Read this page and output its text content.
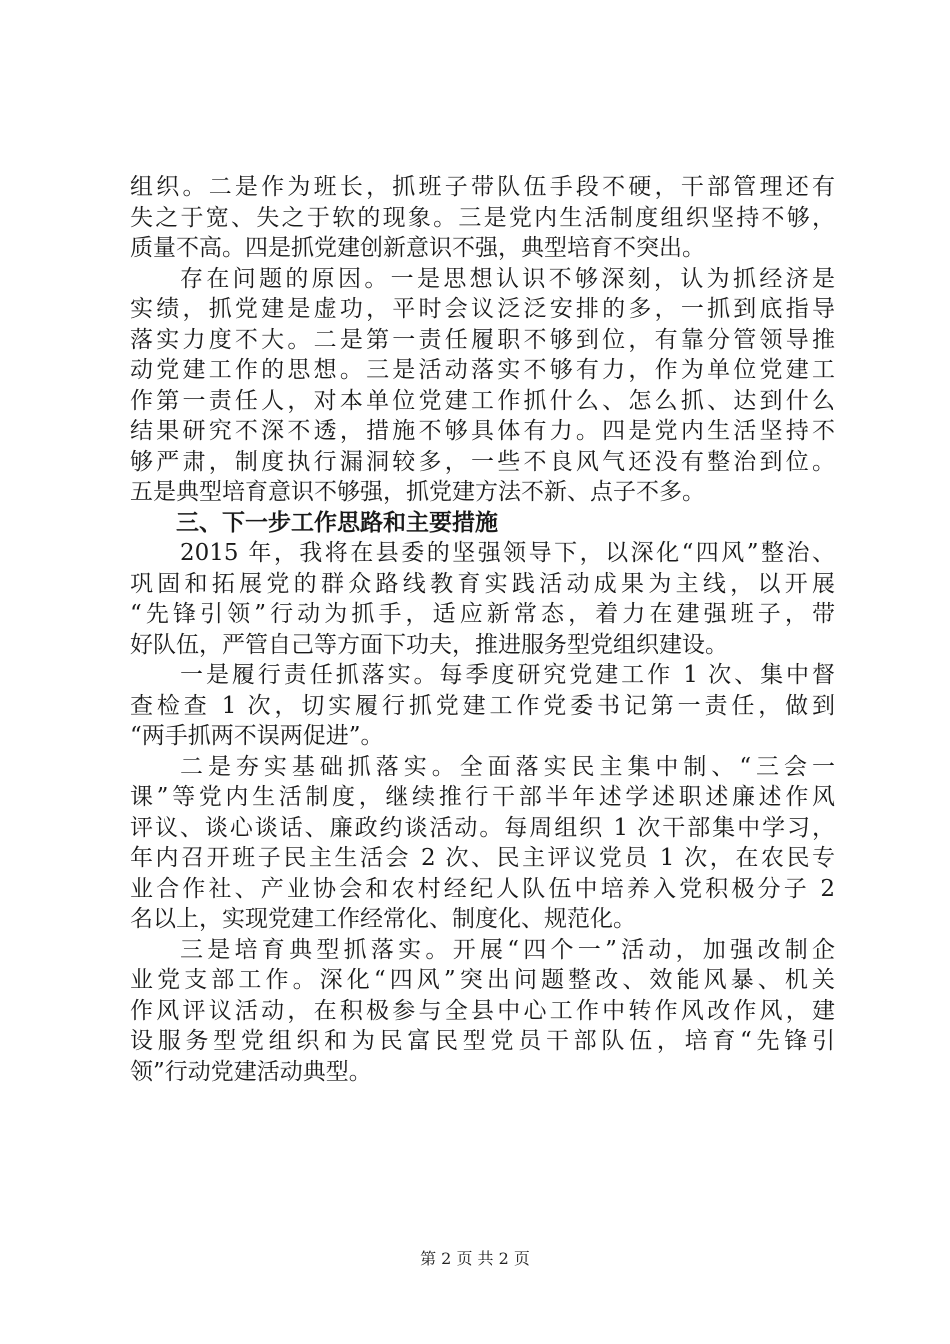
组织。二是作为班长，抓班子带队伍手段不硬，干部管理还有
失之于宽、失之于软的现象。三是党内生活制度组织坚持不够，
质量不高。四是抓党建创新意识不强，典型培育不突出。
存在问题的原因。一是思想认识不够深刻，认为抓经济是
实绩，抓党建是虚功，平时会议泛泛安排的多，一抓到底指导
落实力度不大。二是第一责任履职不够到位，有靠分管领导推
动党建工作的思想。三是活动落实不够有力，作为单位党建工
作第一责任人，对本单位党建工作抓什么、怎么抓、达到什么
结果研究不深不透，措施不够具体有力。四是党内生活坚持不
够严肃，制度执行漏洞较多，一些不良风气还没有整治到位。
五是典型培育意识不够强，抓党建方法不新、点子不多。
三、下一步工作思路和主要措施
2015 年，我将在县委的坚强领导下，以深化“四风”整治、
巩固和拓展党的群众路线教育实践活动成果为主线，以开展
“先锋引领”行动为抓手，适应新常态，着力在建强班子，带
好队伍，严管自己等方面下功夫，推进服务型党组织建设。
一是履行责任抓落实。每季度研究党建工作 1 次、集中督
查检查 1 次，切实履行抓党建工作党委书记第一责任，做到
“两手抓两不误两促进”。
二是夯实基础抓落实。全面落实民主集中制、“三会一
课”等党内生活制度，继续推行干部半年述学述职述廉述作风
评议、谈心谈话、廉政约谈活动。每周组织 1 次干部集中学习，
年内召开班子民主生活会 2 次、民主评议党员 1 次，在农民专
业合作社、产业协会和农村经纪人队伍中培养入党积极分子 2
名以上，实现党建工作经常化、制度化、规范化。
三是培育典型抓落实。开展“四个一”活动，加强改制企
业党支部工作。深化“四风”突出问题整改、效能风暴、机关
作风评议活动，在积极参与全县中心工作中转作风改作风，建
设服务型党组织和为民富民型党员干部队伍，培育“先锋引
领”行动党建活动典型。
第 2 页 共 2 页
